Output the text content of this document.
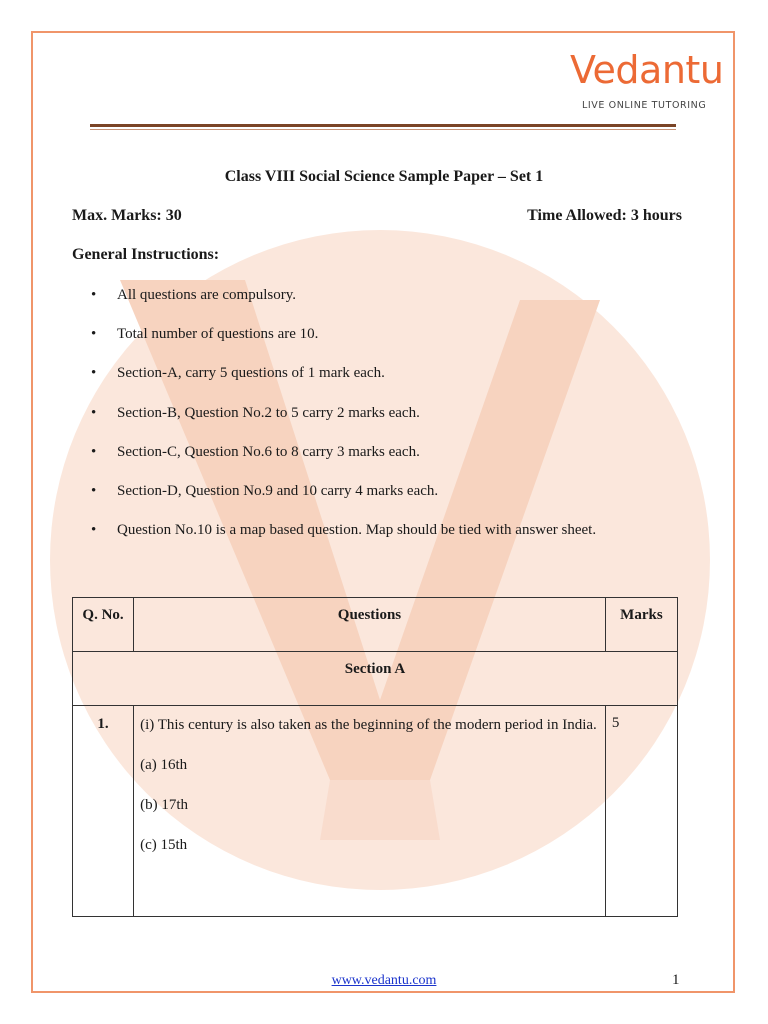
Vedantu
LIVE ONLINE TUTORING
Class VIII Social Science Sample Paper – Set 1
Max. Marks: 30	Time Allowed: 3 hours
General Instructions:
• All questions are compulsory.
• Total number of questions are 10.
• Section-A, carry 5 questions of 1 mark each.
• Section-B, Question No.2 to 5 carry 2 marks each.
• Section-C, Question No.6 to 8 carry 3 marks each.
• Section-D, Question No.9 and 10 carry 4 marks each.
• Question No.10 is a map based question. Map should be tied with answer sheet.
Q. No.	Questions	Marks
Section A		
1.	(i) This century is also taken as the beginning of the modern period in India.

(a) 16th

(b) 17th

(c) 15th	5
www.vedantu.com	1
